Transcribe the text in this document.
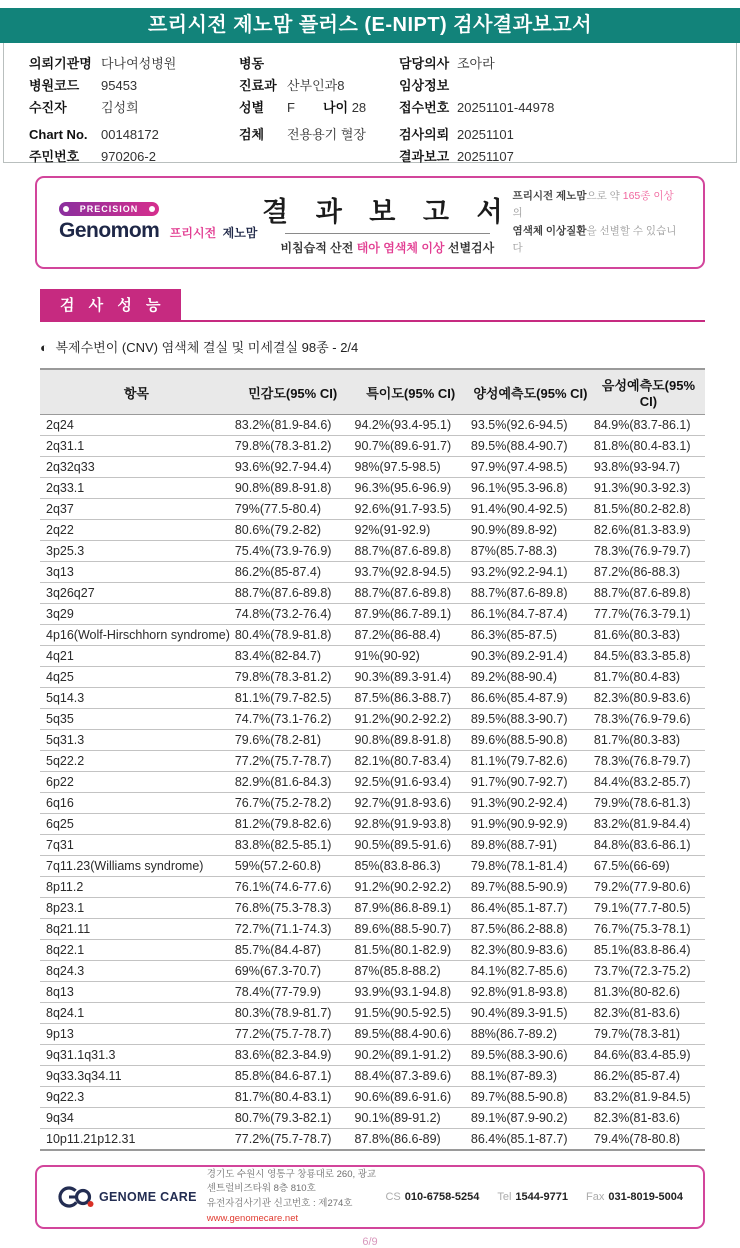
프리시전 제노맘 플러스 (E-NIPT) 검사결과보고서
의뢰기관명 다나여성병원
병원코드 95453
수진자	김성희
Chart No. 00148172
주민번호 970206-2
병동
진료과 산부인과8
성별 F 나이 28
검체 전용용기 혈장
담당의사 조아라
임상정보
접수번호 20251101-44978
검사의뢰 20251101
결과보고 20251107
PRECISION
Genomom 프리시전 제노맘
결 과 보 고 서
비침습적 산전 태아 염색체 이상 선별검사
프리시전 제노맘으로 약 165종 이상의
염색체 이상질환을 선별할 수 있습니다
검 사 성 능
◐ 복제수변이 (CNV) 염색체 결실 및 미세결실 98종 - 2/4
항목	민감도(95% CI)	특이도(95% CI)	양성예측도(95% CI)	음성예측도(95% CI)
2q24	83.2%(81.9-84.6)	94.2%(93.4-95.1)	93.5%(92.6-94.5)	84.9%(83.7-86.1)
2q31.1	79.8%(78.3-81.2)	90.7%(89.6-91.7)	89.5%(88.4-90.7)	81.8%(80.4-83.1)
2q32q33	93.6%(92.7-94.4)	98%(97.5-98.5)	97.9%(97.4-98.5)	93.8%(93-94.7)
2q33.1	90.8%(89.8-91.8)	96.3%(95.6-96.9)	96.1%(95.3-96.8)	91.3%(90.3-92.3)
2q37	79%(77.5-80.4)	92.6%(91.7-93.5)	91.4%(90.4-92.5)	81.5%(80.2-82.8)
2q22	80.6%(79.2-82)	92%(91-92.9)	90.9%(89.8-92)	82.6%(81.3-83.9)
3p25.3	75.4%(73.9-76.9)	88.7%(87.6-89.8)	87%(85.7-88.3)	78.3%(76.9-79.7)
3q13	86.2%(85-87.4)	93.7%(92.8-94.5)	93.2%(92.2-94.1)	87.2%(86-88.3)
3q26q27	88.7%(87.6-89.8)	88.7%(87.6-89.8)	88.7%(87.6-89.8)	88.7%(87.6-89.8)
3q29	74.8%(73.2-76.4)	87.9%(86.7-89.1)	86.1%(84.7-87.4)	77.7%(76.3-79.1)
4p16(Wolf-Hirschhorn syndrome)	80.4%(78.9-81.8)	87.2%(86-88.4)	86.3%(85-87.5)	81.6%(80.3-83)
4q21	83.4%(82-84.7)	91%(90-92)	90.3%(89.2-91.4)	84.5%(83.3-85.8)
4q25	79.8%(78.3-81.2)	90.3%(89.3-91.4)	89.2%(88-90.4)	81.7%(80.4-83)
5q14.3	81.1%(79.7-82.5)	87.5%(86.3-88.7)	86.6%(85.4-87.9)	82.3%(80.9-83.6)
5q35	74.7%(73.1-76.2)	91.2%(90.2-92.2)	89.5%(88.3-90.7)	78.3%(76.9-79.6)
5q31.3	79.6%(78.2-81)	90.8%(89.8-91.8)	89.6%(88.5-90.8)	81.7%(80.3-83)
5q22.2	77.2%(75.7-78.7)	82.1%(80.7-83.4)	81.1%(79.7-82.6)	78.3%(76.8-79.7)
6p22	82.9%(81.6-84.3)	92.5%(91.6-93.4)	91.7%(90.7-92.7)	84.4%(83.2-85.7)
6q16	76.7%(75.2-78.2)	92.7%(91.8-93.6)	91.3%(90.2-92.4)	79.9%(78.6-81.3)
6q25	81.2%(79.8-82.6)	92.8%(91.9-93.8)	91.9%(90.9-92.9)	83.2%(81.9-84.4)
7q31	83.8%(82.5-85.1)	90.5%(89.5-91.6)	89.8%(88.7-91)	84.8%(83.6-86.1)
7q11.23(Williams syndrome)	59%(57.2-60.8)	85%(83.8-86.3)	79.8%(78.1-81.4)	67.5%(66-69)
8p11.2	76.1%(74.6-77.6)	91.2%(90.2-92.2)	89.7%(88.5-90.9)	79.2%(77.9-80.6)
8p23.1	76.8%(75.3-78.3)	87.9%(86.8-89.1)	86.4%(85.1-87.7)	79.1%(77.7-80.5)
8q21.11	72.7%(71.1-74.3)	89.6%(88.5-90.7)	87.5%(86.2-88.8)	76.7%(75.3-78.1)
8q22.1	85.7%(84.4-87)	81.5%(80.1-82.9)	82.3%(80.9-83.6)	85.1%(83.8-86.4)
8q24.3	69%(67.3-70.7)	87%(85.8-88.2)	84.1%(82.7-85.6)	73.7%(72.3-75.2)
8q13	78.4%(77-79.9)	93.9%(93.1-94.8)	92.8%(91.8-93.8)	81.3%(80-82.6)
8q24.1	80.3%(78.9-81.7)	91.5%(90.5-92.5)	90.4%(89.3-91.5)	82.3%(81-83.6)
9p13	77.2%(75.7-78.7)	89.5%(88.4-90.6)	88%(86.7-89.2)	79.7%(78.3-81)
9q31.1q31.3	83.6%(82.3-84.9)	90.2%(89.1-91.2)	89.5%(88.3-90.6)	84.6%(83.4-85.9)
9q33.3q34.11	85.8%(84.6-87.1)	88.4%(87.3-89.6)	88.1%(87-89.3)	86.2%(85-87.4)
9q22.3	81.7%(80.4-83.1)	90.6%(89.6-91.6)	89.7%(88.5-90.8)	83.2%(81.9-84.5)
9q34	80.7%(79.3-82.1)	90.1%(89-91.2)	89.1%(87.9-90.2)	82.3%(81-83.6)
10p11.21p12.31	77.2%(75.7-78.7)	87.8%(86.6-89)	86.4%(85.1-87.7)	79.4%(78-80.8)
GENOME CARE
경기도 수원시 영통구 창룡대로 260, 광교 센트럴비즈타워 8층 810호
유전자검사기관 신고번호 : 제274호
www.genomecare.net
CS 010-6758-5254 Tel 1544-9771 Fax 031-8019-5004
6/9
